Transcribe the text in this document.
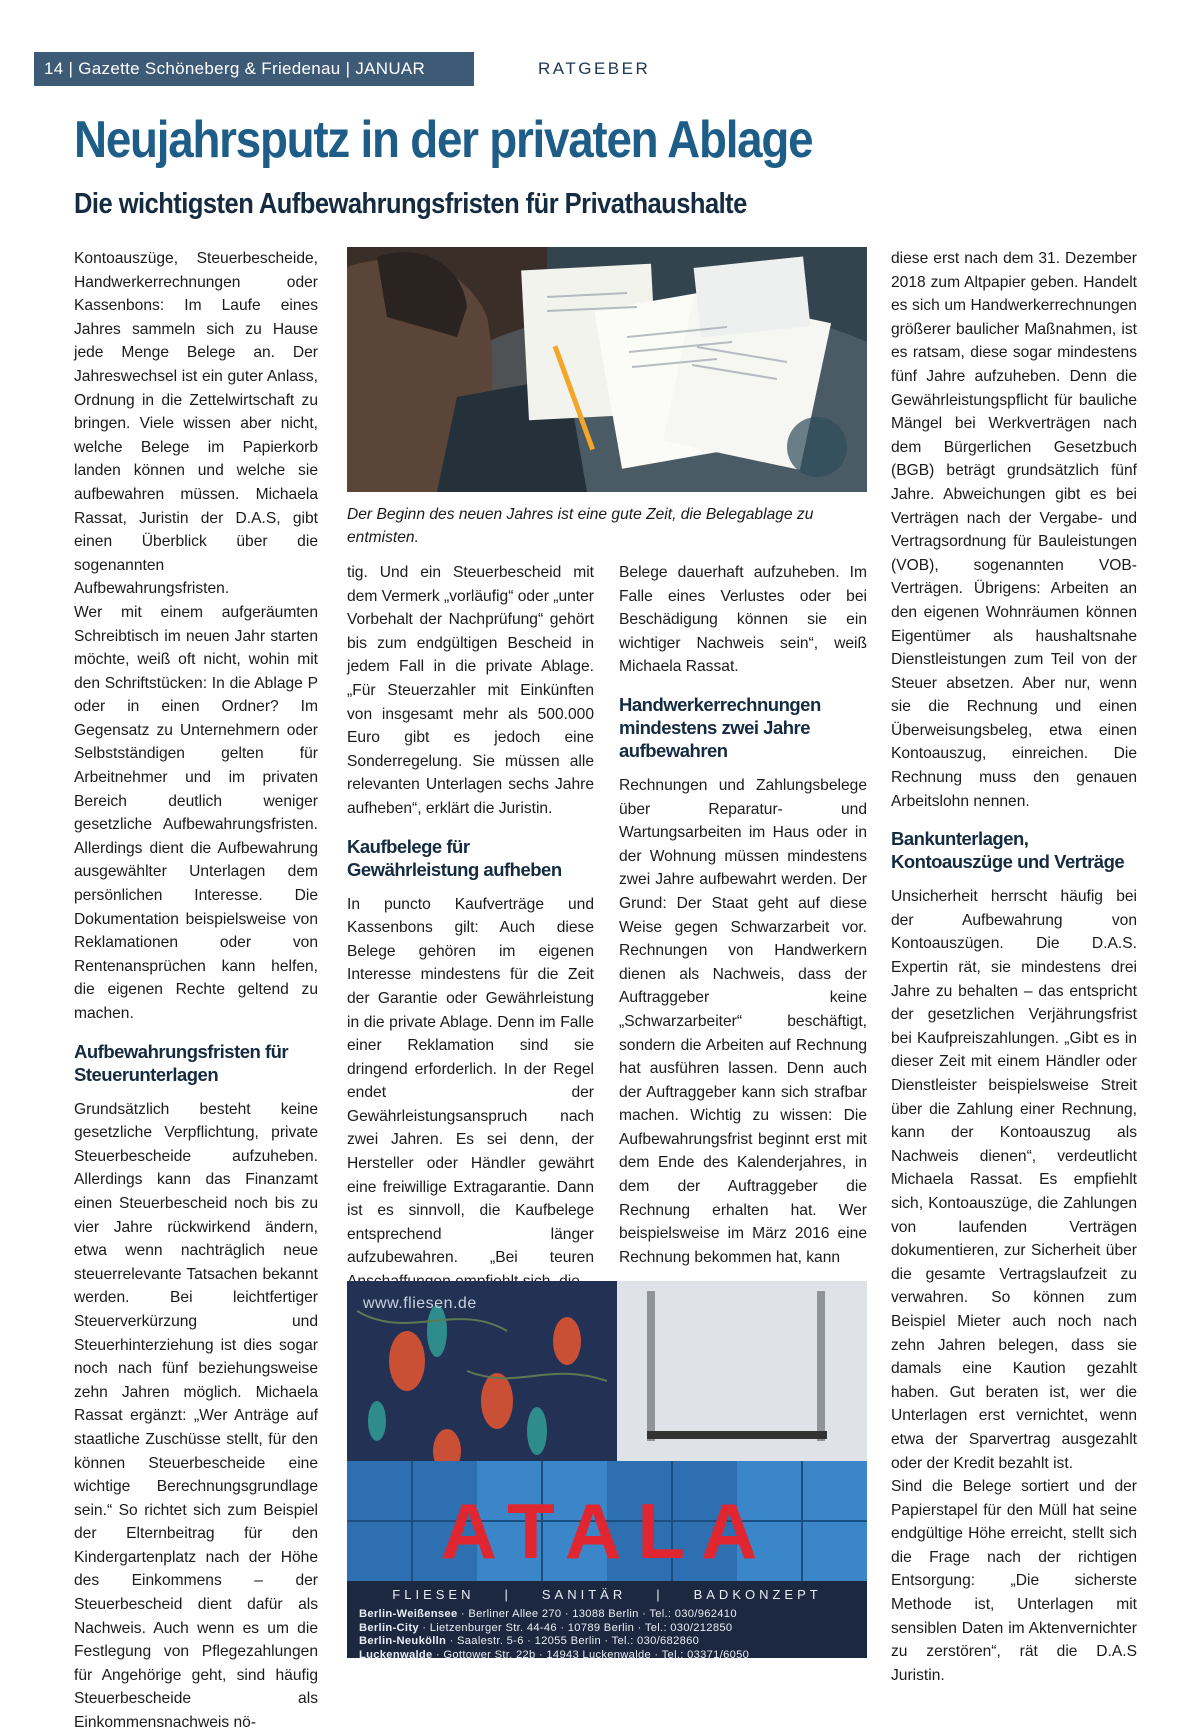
14 | Gazette Schöneberg & Friedenau | JANUAR 2018
RATGEBER
Neujahrsputz in der privaten Ablage
Die wichtigsten Aufbewahrungsfristen für Privathaushalte

Kontoauszüge, Steuerbescheide, Handwerkerrechnungen oder Kassenbons: Im Laufe eines Jahres sammeln sich zu Hause jede Menge Belege an. Der Jahreswechsel ist ein guter Anlass, Ordnung in die Zettelwirtschaft zu bringen. Viele wissen aber nicht, welche Belege im Papierkorb landen können und welche sie aufbewahren müssen. Michaela Rassat, Juristin der D.A.S, gibt einen Überblick über die sogenannten Aufbewahrungsfristen.

Wer mit einem aufgeräumten Schreibtisch im neuen Jahr starten möchte, weiß oft nicht, wohin mit den Schriftstücken: In die Ablage P oder in einen Ordner? Im Gegensatz zu Unternehmern oder Selbstständigen gelten für Arbeitnehmer und im privaten Bereich deutlich weniger gesetzliche Aufbewahrungsfristen. Allerdings dient die Aufbewahrung ausgewählter Unterlagen dem persönlichen Interesse. Die Dokumentation beispielsweise von Reklamationen oder von Rentenansprüchen kann helfen, die eigenen Rechte geltend zu machen.

Aufbewahrungsfristen für Steuerunterlagen

Grundsätzlich besteht keine gesetzliche Verpflichtung, private Steuerbescheide aufzuheben. Allerdings kann das Finanzamt einen Steuerbescheid noch bis zu vier Jahre rückwirkend ändern, etwa wenn nachträglich neue steuerrelevante Tatsachen bekannt werden. Bei leichtfertiger Steuerverkürzung und Steuerhinterziehung ist dies sogar noch nach fünf beziehungsweise zehn Jahren möglich. Michaela Rassat ergänzt: „Wer Anträge auf staatliche Zuschüsse stellt, für den können Steuerbescheide eine wichtige Berechnungsgrundlage sein.“ So richtet sich zum Beispiel der Elternbeitrag für den Kindergartenplatz nach der Höhe des Einkommens – der Steuerbescheid dient dafür als Nachweis. Auch wenn es um die Festlegung von Pflegezahlungen für Angehörige geht, sind häufig Steuerbescheide als Einkommensnachweis nö-

Der Beginn des neuen Jahres ist eine gute Zeit, die Belegablage zu entmisten.

tig. Und ein Steuerbescheid mit dem Vermerk „vorläufig“ oder „unter Vorbehalt der Nachprüfung“ gehört bis zum endgültigen Bescheid in jedem Fall in die private Ablage. „Für Steuerzahler mit Einkünften von insgesamt mehr als 500.000 Euro gibt es jedoch eine Sonderregelung. Sie müssen alle relevanten Unterlagen sechs Jahre aufheben“, erklärt die Juristin.

Kaufbelege für Gewährleistung aufheben

In puncto Kaufverträge und Kassenbons gilt: Auch diese Belege gehören im eigenen Interesse mindestens für die Zeit der Garantie oder Gewährleistung in die private Ablage. Denn im Falle einer Reklamation sind sie dringend erforderlich. In der Regel endet der Gewährleistungsanspruch nach zwei Jahren. Es sei denn, der Hersteller oder Händler gewährt eine freiwillige Extragarantie. Dann ist es sinnvoll, die Kaufbelege entsprechend länger aufzubewahren. „Bei teuren

Belege dauerhaft aufzuheben. Im Falle eines Verlustes oder bei Beschädigung können sie ein wichtiger Nachweis sein“, weiß Michaela Rassat.

Handwerkerrechnungen mindestens zwei Jahre aufbewahren

Rechnungen und Zahlungsbelege über Reparatur- und Wartungsarbeiten im Haus oder in der Wohnung müssen mindestens zwei Jahre aufbewahrt werden. Der Grund: Der Staat geht auf diese Weise gegen Schwarzarbeit vor. Rechnungen von Handwerkern dienen als Nachweis, dass der Auftraggeber keine „Schwarzarbeiter“ beschäftigt, sondern die Arbeiten auf Rechnung hat ausführen lassen. Denn auch der Auftraggeber kann sich strafbar machen. Wichtig zu wissen: Die Aufbewahrungsfrist beginnt erst mit dem Ende des Kalenderjahres, in dem der Auftraggeber die Rechnung erhalten hat. Wer beispielsweise im März 2016 eine Rechnung bekommen hat, kann

diese erst nach dem 31. Dezember 2018 zum Altpapier geben. Handelt es sich um Handwerkerrechnungen größerer baulicher Maßnahmen, ist es ratsam, diese sogar mindestens fünf Jahre aufzuheben. Denn die Gewährleistungspflicht für bauliche Mängel bei Werkverträgen nach dem Bürgerlichen Gesetzbuch (BGB) beträgt grundsätzlich fünf Jahre. Abweichungen gibt es bei Verträgen nach der Vergabe- und Vertragsordnung für Bauleistungen (VOB), sogenannten VOB-Verträgen. Übrigens: Arbeiten an den eigenen Wohnräumen können Eigentümer als haushaltsnahe Dienstleistungen zum Teil von der Steuer absetzen. Aber nur, wenn sie die Rechnung und einen Überweisungsbeleg, etwa einen Kontoauszug, einreichen. Die Rechnung muss den genauen Arbeitslohn nennen.

Bankunterlagen, Kontoauszüge und Verträge

Unsicherheit herrscht häufig bei der Aufbewahrung von Kontoauszügen. Die D.A.S. Expertin rät, sie mindestens drei Jahre zu behalten – das entspricht der gesetzlichen Verjährungsfrist bei Kaufpreiszahlungen. „Gibt es in dieser Zeit mit einem Händler oder Dienstleister beispielsweise Streit über die Zahlung einer Rechnung, kann der Kontoauszug als Nachweis dienen“, verdeutlicht Michaela Rassat. Es empfiehlt sich, Kontoauszüge, die Zahlungen von laufenden Verträgen dokumentieren, zur Sicherheit über die gesamte Vertragslaufzeit zu verwahren. So können zum Beispiel Mieter auch noch nach zehn Jahren belegen, dass sie damals eine Kaution gezahlt haben. Gut beraten ist, wer die Unterlagen erst vernichtet, wenn etwa der Sparvertrag ausgezahlt oder der Kredit bezahlt ist.

Sind die Belege sortiert und der Papierstapel für den Müll hat seine endgültige Höhe erreicht, stellt sich die Frage nach der richtigen Entsorgung: „Die sicherste Methode ist, Unterlagen mit sensiblen Daten im Aktenvernichter zu zerstören“, rät die D.A.S Juristin.

www.fliesen.de
ATALA
FLIESEN	|	SANITÄR	|	BADKONZEPT
Berlin-Weißensee · Berliner Allee 270 · 13088 Berlin · Tel.: 030/962410
Berlin-City · Lietzenburger Str. 44-46 · 10789 Berlin · Tel.: 030/212850
Berlin-Neukölln · Saalestr. 5-6 · 12055 Berlin · Tel.: 030/682860
Luckenwalde · Gottower Str. 22b · 14943 Luckenwalde · Tel.: 03371/6050
